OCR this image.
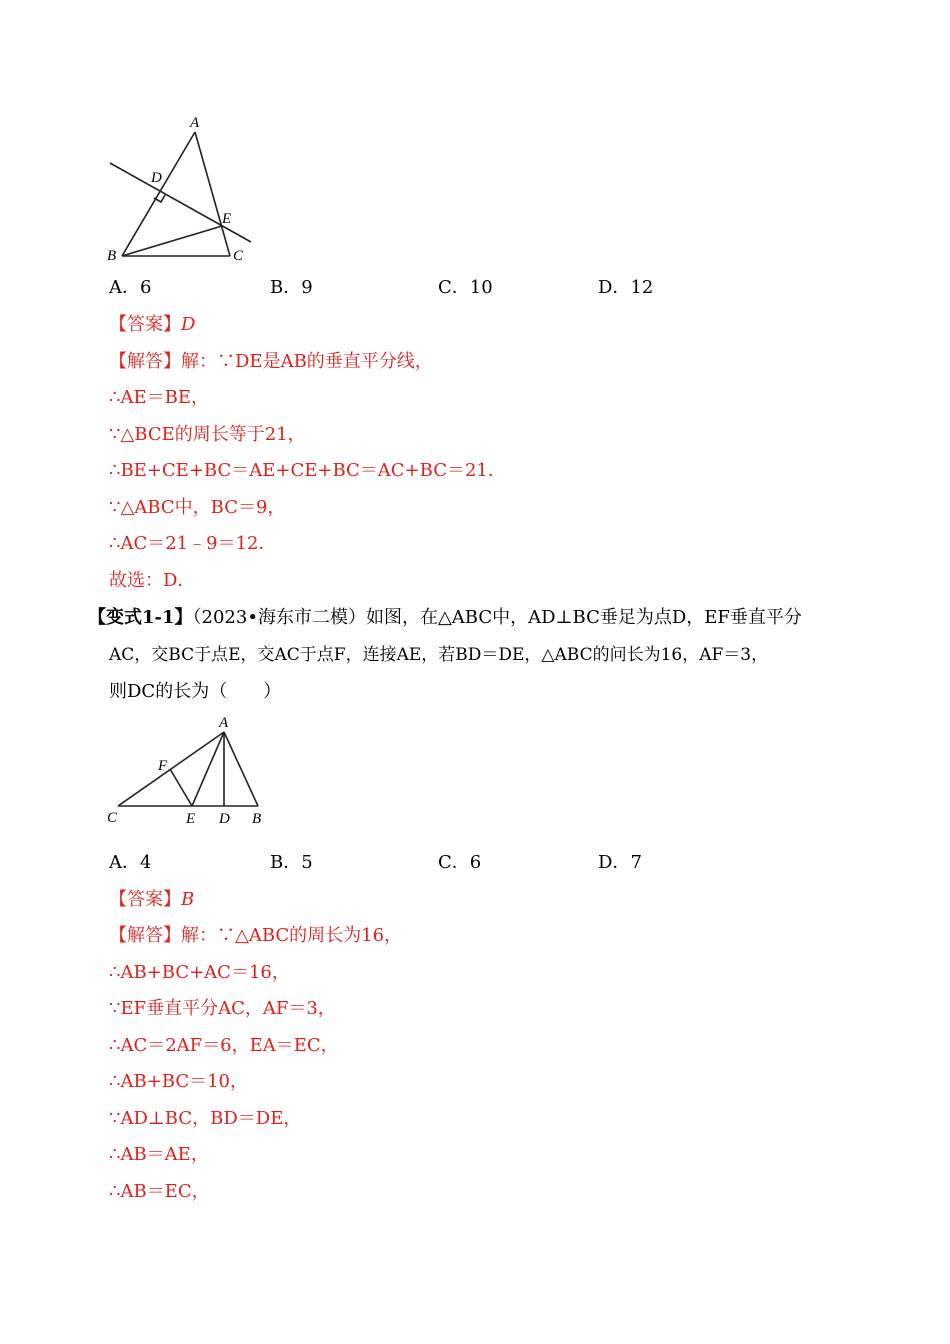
A
D
E
B	C
A．6	B．9	C．10	D．12
【答案】D
【解答】解：∵DE是AB的垂直平分线，
∴AE＝BE，
∵△BCE的周长等于21，
∴BE+CE+BC＝AE+CE+BC＝AC+BC＝21．
∵△ABC中，BC＝9，
∴AC＝21﹣9＝12．
故选：D．
【变式1-1】（2023•海东市二模）如图，在△ABC中，AD⊥BC垂足为点D，EF垂直平分
AC，交BC于点E，交AC于点F，连接AE，若BD＝DE，△ABC的问长为16，AF＝3，
则DC的长为（　　）
A
F
C	E D B
A．4	B．5	C．6	D．7
【答案】B
【解答】解：∵△ABC的周长为16，
∴AB+BC+AC＝16，
∵EF垂直平分AC，AF＝3，
∴AC＝2AF＝6，EA＝EC，
∴AB+BC＝10，
∵AD⊥BC，BD＝DE，
∴AB＝AE，
∴AB＝EC，
